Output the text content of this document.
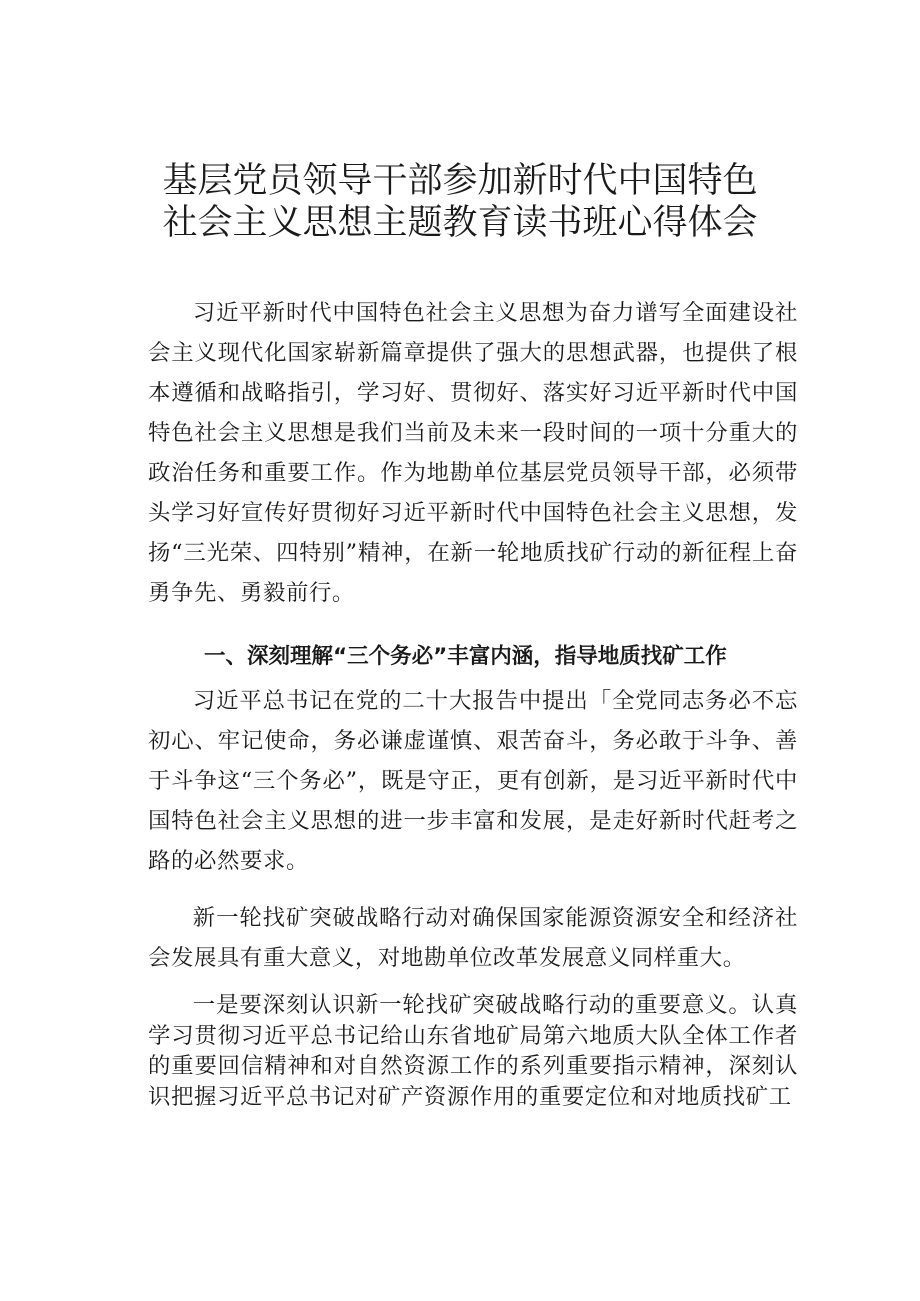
基层党员领导干部参加新时代中国特色
社会主义思想主题教育读书班心得体会

习近平新时代中国特色社会主义思想为奋力谱写全面建设社会主义现代化国家崭新篇章提供了强大的思想武器，也提供了根本遵循和战略指引，学习好、贯彻好、落实好习近平新时代中国特色社会主义思想是我们当前及未来一段时间的一项十分重大的政治任务和重要工作。作为地勘单位基层党员领导干部，必须带头学习好宣传好贯彻好习近平新时代中国特色社会主义思想，发扬“三光荣、四特别”精神，在新一轮地质找矿行动的新征程上奋勇争先、勇毅前行。

一、深刻理解“三个务必”丰富内涵，指导地质找矿工作

习近平总书记在党的二十大报告中提出「全党同志务必不忘初心、牢记使命，务必谦虚谨慎、艰苦奋斗，务必敢于斗争、善于斗争这“三个务必”，既是守正，更有创新，是习近平新时代中国特色社会主义思想的进一步丰富和发展，是走好新时代赶考之路的必然要求。

新一轮找矿突破战略行动对确保国家能源资源安全和经济社会发展具有重大意义，对地勘单位改革发展意义同样重大。

一是要深刻认识新一轮找矿突破战略行动的重要意义。认真学习贯彻习近平总书记给山东省地矿局第六地质大队全体工作者的重要回信精神和对自然资源工作的系列重要指示精神，深刻认识把握习近平总书记对矿产资源作用的重要定位和对地质找矿工
